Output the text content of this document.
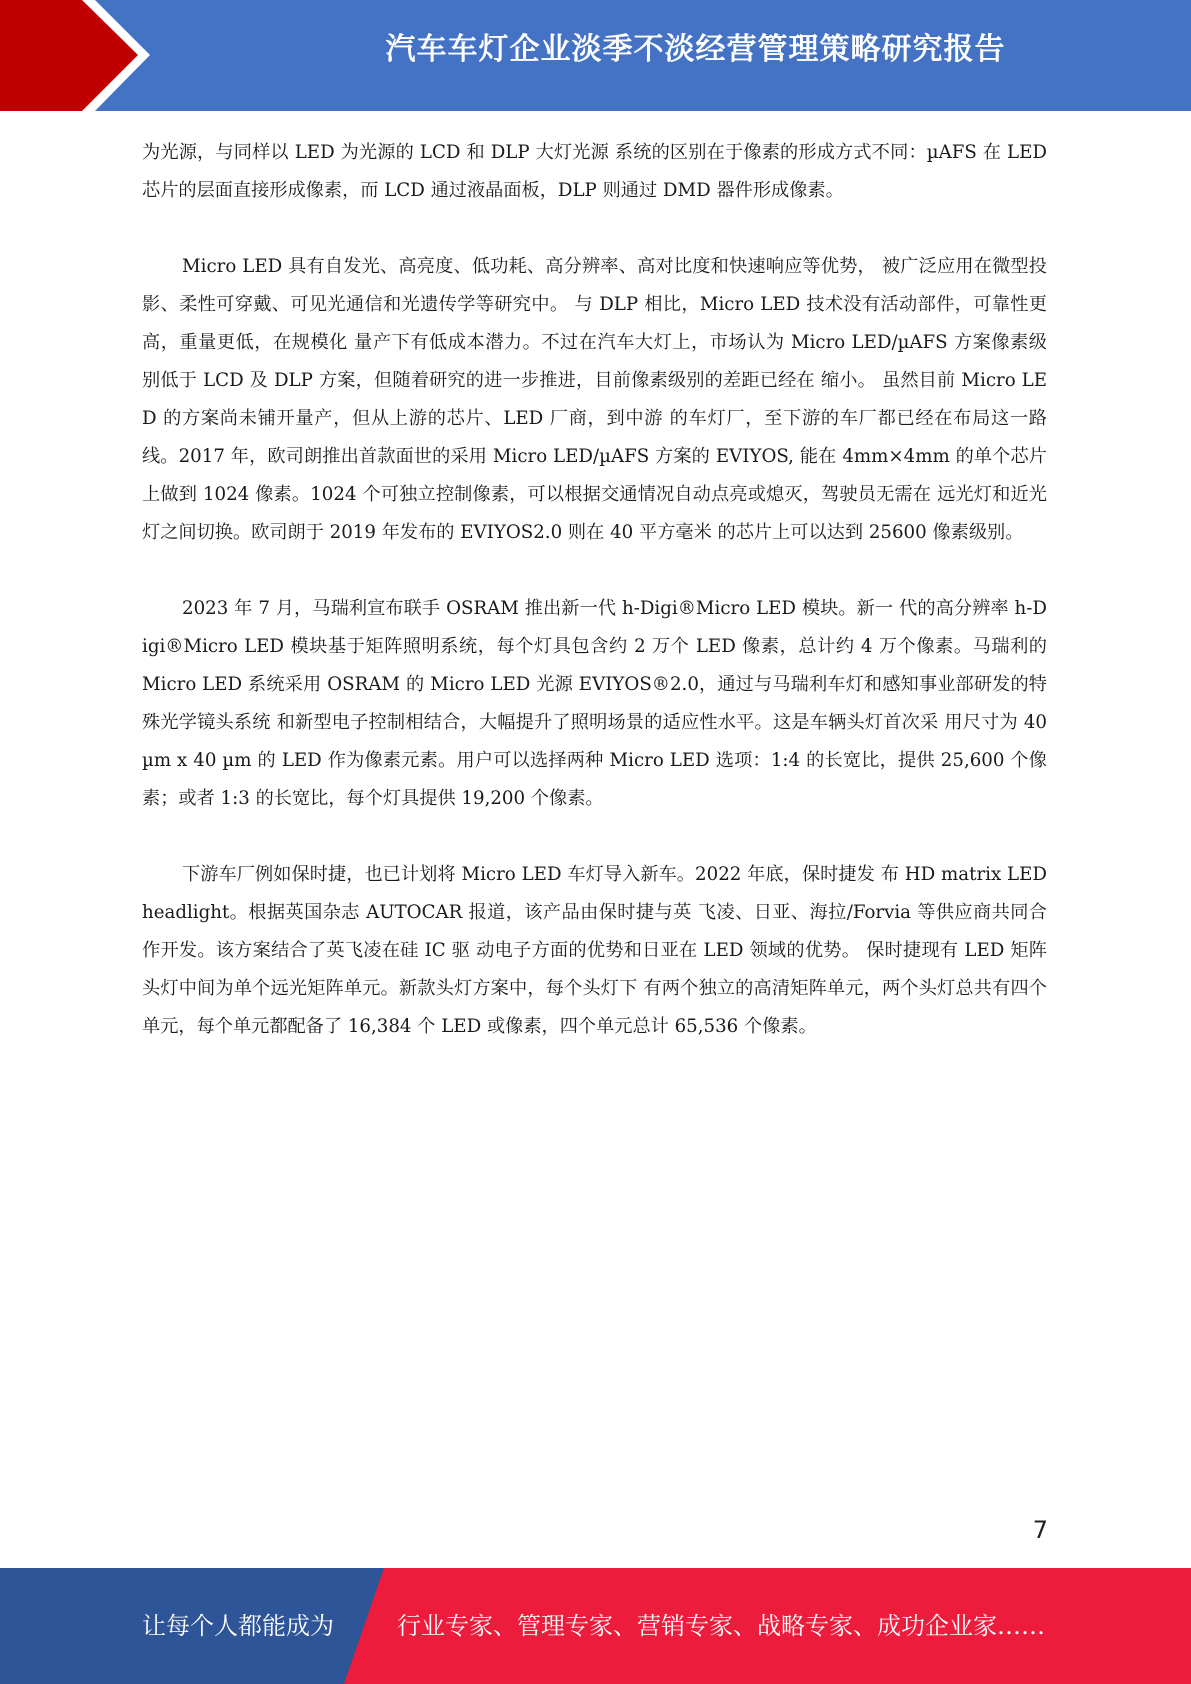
汽车车灯企业淡季不淡经营管理策略研究报告

为光源，与同样以 LED 为光源的 LCD 和 DLP 大灯光源 系统的区别在于像素的形成方式不同：µAFS 在 LED 芯片的层面直接形成像素，而 LCD 通过液晶面板，DLP 则通过 DMD 器件形成像素。

Micro LED 具有自发光、高亮度、低功耗、高分辨率、高对比度和快速响应等优势， 被广泛应用在微型投影、柔性可穿戴、可见光通信和光遗传学等研究中。 与 DLP 相比，Micro LED 技术没有活动部件，可靠性更高，重量更低，在规模化 量产下有低成本潜力。不过在汽车大灯上，市场认为 Micro LED/µAFS 方案像素级 别低于 LCD 及 DLP 方案，但随着研究的进一步推进，目前像素级别的差距已经在 缩小。 虽然目前 Micro LED 的方案尚未铺开量产，但从上游的芯片、LED 厂商，到中游 的车灯厂，至下游的车厂都已经在布局这一路线。2017 年，欧司朗推出首款面世的采用 Micro LED/µAFS 方案的 EVIYOS, 能在 4mm×4mm 的单个芯片上做到 1024 像素。1024 个可独立控制像素，可以根据交通情况自动点亮或熄灭，驾驶员无需在 远光灯和近光灯之间切换。欧司朗于 2019 年发布的 EVIYOS2.0 则在 40 平方毫米 的芯片上可以达到 25600 像素级别。

2023 年 7 月，马瑞利宣布联手 OSRAM 推出新一代 h-Digi®Micro LED 模块。新一 代的高分辨率 h-Digi®Micro LED 模块基于矩阵照明系统，每个灯具包含约 2 万个 LED 像素，总计约 4 万个像素。马瑞利的 Micro LED 系统采用 OSRAM 的 Micro LED 光源 EVIYOS®2.0，通过与马瑞利车灯和感知事业部研发的特殊光学镜头系统 和新型电子控制相结合，大幅提升了照明场景的适应性水平。这是车辆头灯首次采 用尺寸为 40 µm x 40 µm 的 LED 作为像素元素。用户可以选择两种 Micro LED 选项：1:4 的长宽比，提供 25,600 个像素；或者 1:3 的长宽比，每个灯具提供 19,200 个像素。

下游车厂例如保时捷，也已计划将 Micro LED 车灯导入新车。2022 年底，保时捷发 布 HD matrix LED headlight。根据英国杂志 AUTOCAR 报道，该产品由保时捷与英 飞凌、日亚、海拉/Forvia 等供应商共同合作开发。该方案结合了英飞凌在硅 IC 驱 动电子方面的优势和日亚在 LED 领域的优势。 保时捷现有 LED 矩阵头灯中间为单个远光矩阵单元。新款头灯方案中，每个头灯下 有两个独立的高清矩阵单元，两个头灯总共有四个单元，每个单元都配备了 16,384 个 LED 或像素，四个单元总计 65,536 个像素。

7
让每个人都能成为	行业专家、管理专家、营销专家、战略专家、成功企业家……
